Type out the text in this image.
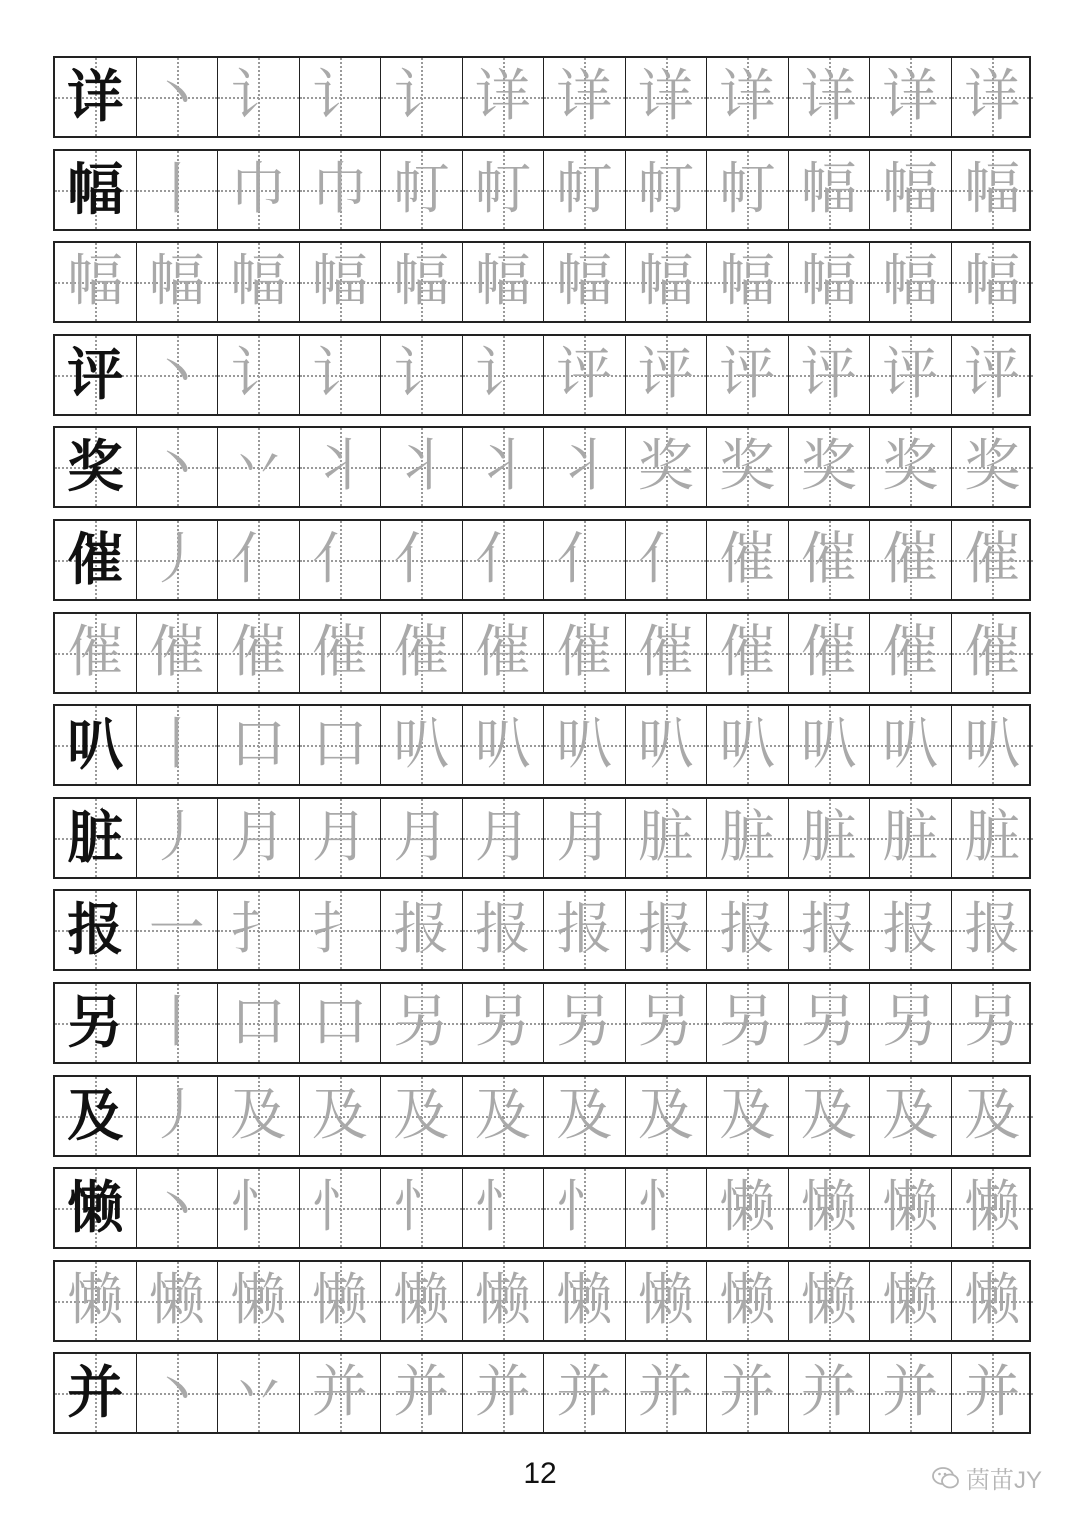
详 丶 讠 讠 讠 详 详 详 详 详 详 详
幅 丨 巾 巾 帄 帄 帄 帄 帄 幅 幅 幅
幅 幅 幅 幅 幅 幅 幅 幅 幅 幅 幅 幅
评 丶 讠 讠 讠 讠 评 评 评 评 评 评
奖 丶 丷 丬 丬 丬 丬 奖 奖 奖 奖 奖
催 丿 亻 亻 亻 亻 亻 亻 催 催 催 催
催 催 催 催 催 催 催 催 催 催 催 催
叭 丨 口 口 叭 叭 叭 叭 叭 叭 叭 叭
脏 丿 月 月 月 月 月 脏 脏 脏 脏 脏
报 一 扌 扌 报 报 报 报 报 报 报 报
另 丨 口 口 另 另 另 另 另 另 另 另
及 丿 及 及 及 及 及 及 及 及 及 及
懒 丶 忄 忄 忄 忄 忄 忄 懒 懒 懒 懒
懒 懒 懒 懒 懒 懒 懒 懒 懒 懒 懒 懒
并 丶 丷 并 并 并 并 并 并 并 并 并
12	茵苗JY
